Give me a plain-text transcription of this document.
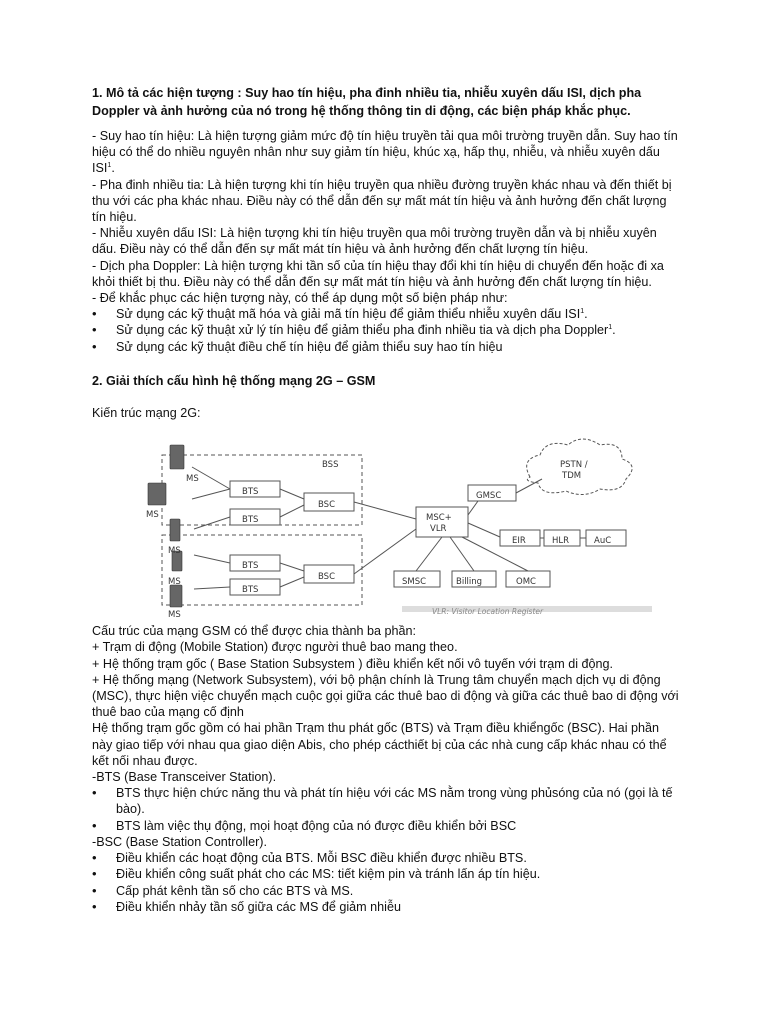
1. Mô tả các hiện tượng : Suy hao tín hiệu, pha đinh nhiều tia, nhiễu xuyên dấu ISI, dịch pha Doppler và ảnh hưởng của nó trong hệ thống thông tin di động, các biện pháp khắc phục.

- Suy hao tín hiệu: Là hiện tượng giảm mức độ tín hiệu truyền tải qua môi trường truyền dẫn. Suy hao tín hiệu có thể do nhiều nguyên nhân như suy giảm tín hiệu, khúc xạ, hấp thụ, nhiễu, và nhiễu xuyên dấu ISI$^1$.

- Pha đinh nhiều tia: Là hiện tượng khi tín hiệu truyền qua nhiều đường truyền khác nhau và đến thiết bị thu với các pha khác nhau. Điều này có thể dẫn đến sự mất mát tín hiệu và ảnh hưởng đến chất lượng tín hiệu.

- Nhiễu xuyên dấu ISI: Là hiện tượng khi tín hiệu truyền qua môi trường truyền dẫn và bị nhiễu xuyên dấu. Điều này có thể dẫn đến sự mất mát tín hiệu và ảnh hưởng đến chất lượng tín hiệu.

- Dịch pha Doppler: Là hiện tượng khi tần số của tín hiệu thay đổi khi tín hiệu di chuyển đến hoặc đi xa khỏi thiết bị thu. Điều này có thể dẫn đến sự mất mát tín hiệu và ảnh hưởng đến chất lượng tín hiệu.

- Để khắc phục các hiện tượng này, có thể áp dụng một số biện pháp như:

•
Sử dụng các kỹ thuật mã hóa và giải mã tín hiệu để giảm thiểu nhiễu xuyên dấu ISI$^1$.
•
Sử dụng các kỹ thuật xử lý tín hiệu để giảm thiểu pha đinh nhiều tia và dịch pha Doppler$^1$.
•
Sử dụng các kỹ thuật điều chế tín hiệu để giảm thiểu suy hao tín hiệu
2. Giải thích cấu hình hệ thống mạng 2G – GSM

Kiến trúc mạng 2G:

BSS
BTS
BTS
BSC
BTS
BTS
BSC
MS
MS
MS
MS
MS
MSC+
VLR
GMSC
PSTN /
TDM
EIR	HLR	AuC
SMSC	Billing	OMC
VLR: Visitor Location Register

Cấu trúc của mạng GSM có thể được chia thành ba phần:

+ Trạm di động (Mobile Station) được người thuê bao mang theo.

+ Hệ thống trạm gốc ( Base Station Subsystem ) điều khiển kết nối vô tuyến với trạm di động.

+ Hệ thống mạng (Network Subsystem), với bộ phận chính là Trung tâm chuyển mạch dịch vụ di động (MSC), thực hiện việc chuyển mạch cuộc gọi giữa các thuê bao di động và giữa các thuê bao di động với thuê bao của mạng cố định

Hệ thống trạm gốc gồm có hai phần Trạm thu phát gốc (BTS) và Trạm điều khiểngốc (BSC). Hai phần này giao tiếp với nhau qua giao diện Abis, cho phép cácthiết bị của các nhà cung cấp khác nhau có thể kết nối nhau được.

-BTS (Base Transceiver Station).

•
BTS thực hiện chức năng thu và phát tín hiệu với các MS nằm trong vùng phủsóng của nó (gọi là tế bào).
•
BTS làm việc thụ động, mọi hoạt động của nó được điều khiển bởi BSC

-BSC (Base Station Controller).

•
Điều khiển các hoạt động của BTS. Mỗi BSC điều khiển được nhiều BTS.
•
Điều khiển công suất phát cho các MS: tiết kiệm pin và tránh lấn áp tín hiệu.
•
Cấp phát kênh tần số cho các BTS và MS.
•
Điều khiển nhảy tần số giữa các MS để giảm nhiễu
